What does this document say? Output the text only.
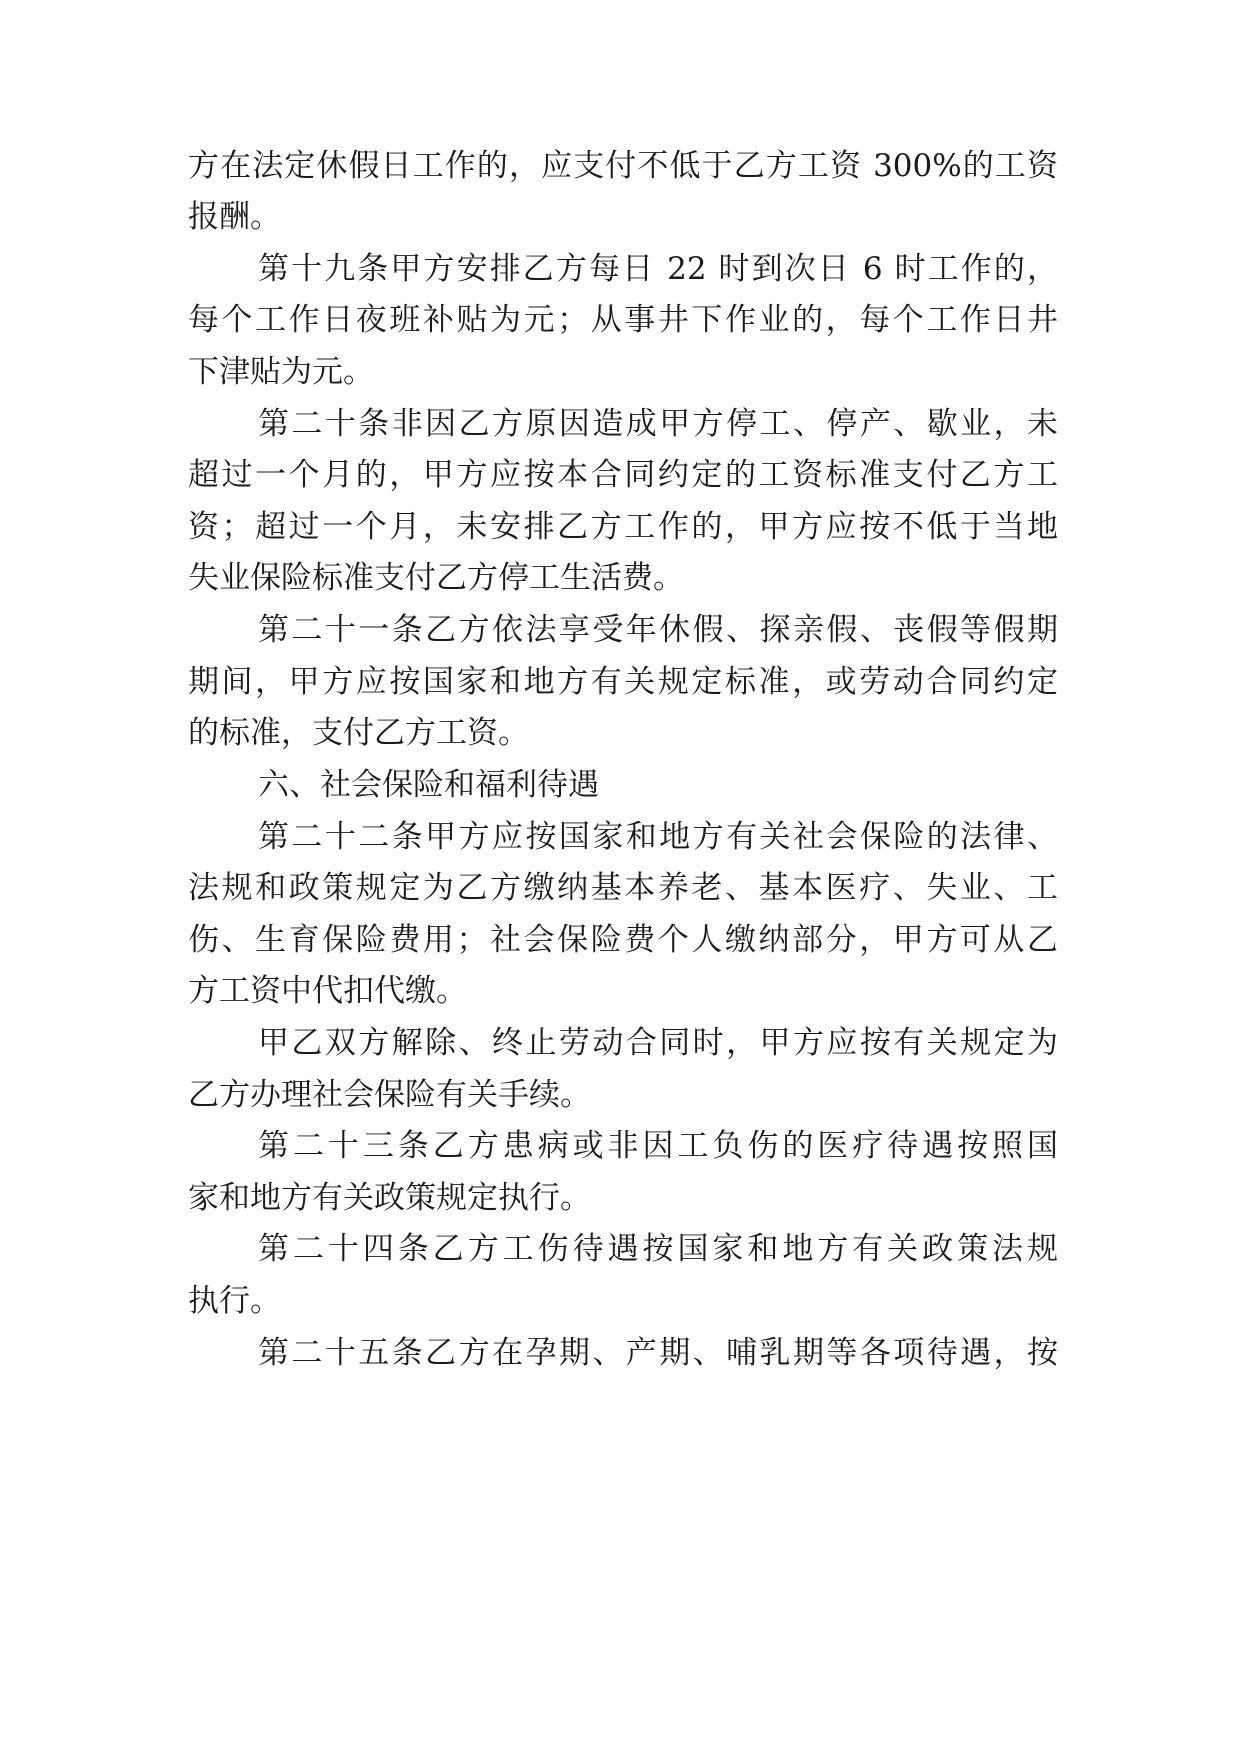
方在法定休假日工作的，应支付不低于乙方工资 300%的工资
报酬。
第十九条甲方安排乙方每日 22 时到次日 6 时工作的，
每个工作日夜班补贴为元；从事井下作业的，每个工作日井
下津贴为元。
第二十条非因乙方原因造成甲方停工、停产、歇业，未
超过一个月的，甲方应按本合同约定的工资标准支付乙方工
资；超过一个月，未安排乙方工作的，甲方应按不低于当地
失业保险标准支付乙方停工生活费。
第二十一条乙方依法享受年休假、探亲假、丧假等假期
期间，甲方应按国家和地方有关规定标准，或劳动合同约定
的标准，支付乙方工资。
六、社会保险和福利待遇
第二十二条甲方应按国家和地方有关社会保险的法律、
法规和政策规定为乙方缴纳基本养老、基本医疗、失业、工
伤、生育保险费用；社会保险费个人缴纳部分，甲方可从乙
方工资中代扣代缴。
甲乙双方解除、终止劳动合同时，甲方应按有关规定为
乙方办理社会保险有关手续。
第二十三条乙方患病或非因工负伤的医疗待遇按照国
家和地方有关政策规定执行。
第二十四条乙方工伤待遇按国家和地方有关政策法规
执行。
第二十五条乙方在孕期、产期、哺乳期等各项待遇，按
